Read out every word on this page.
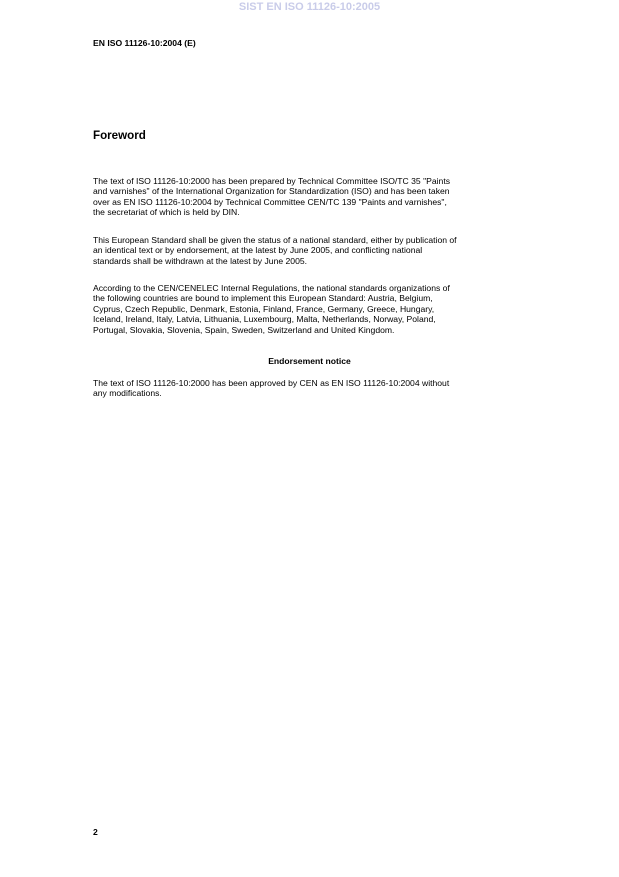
SIST EN ISO 11126-10:2005
EN ISO 11126-10:2004 (E)
Foreword
The text of ISO 11126-10:2000 has been prepared by Technical Committee ISO/TC 35 "Paints
and varnishes" of the International Organization for Standardization (ISO) and has been taken
over as EN ISO 11126-10:2004 by Technical Committee CEN/TC 139 "Paints and varnishes",
the secretariat of which is held by DIN.
This European Standard shall be given the status of a national standard, either by publication of
an identical text or by endorsement, at the latest by June 2005, and conflicting national
standards shall be withdrawn at the latest by June 2005.
According to the CEN/CENELEC Internal Regulations, the national standards organizations of
the following countries are bound to implement this European Standard: Austria, Belgium,
Cyprus, Czech Republic, Denmark, Estonia, Finland, France, Germany, Greece, Hungary,
Iceland, Ireland, Italy, Latvia, Lithuania, Luxembourg, Malta, Netherlands, Norway, Poland,
Portugal, Slovakia, Slovenia, Spain, Sweden, Switzerland and United Kingdom.
Endorsement notice
The text of ISO 11126-10:2000 has been approved by CEN as EN ISO 11126-10:2004 without
any modifications.
2
